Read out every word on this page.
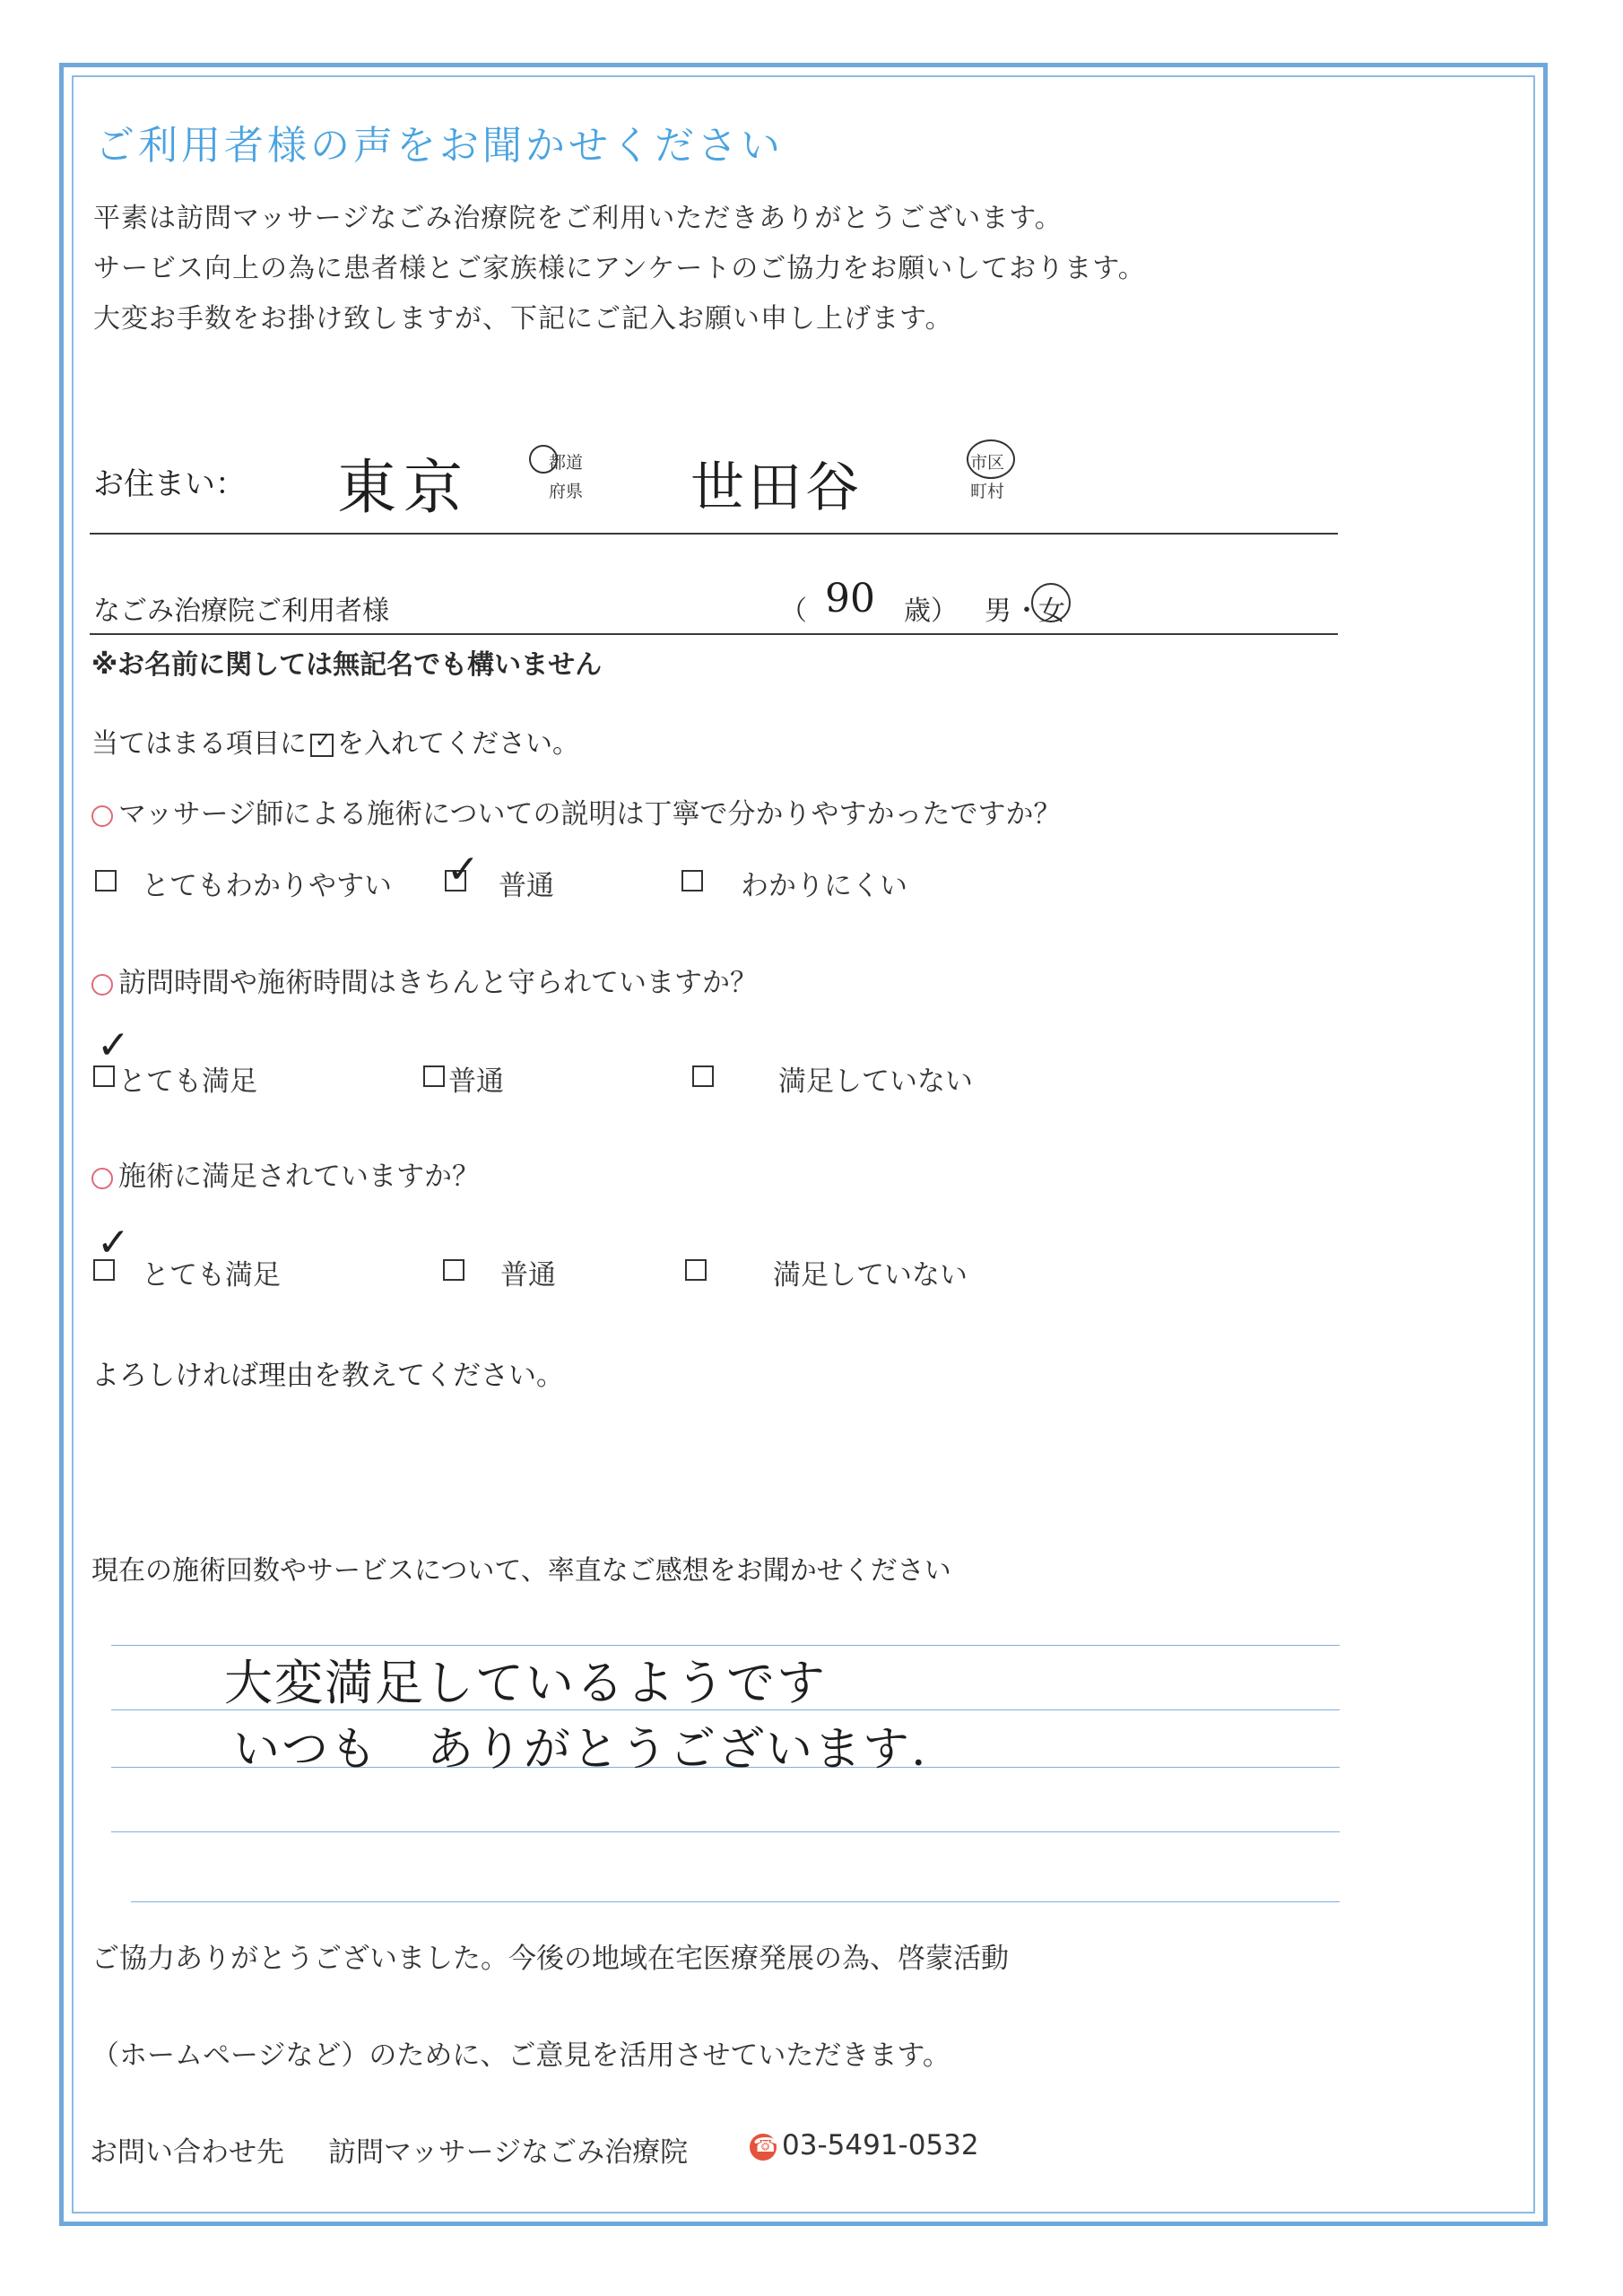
ご利用者様の声をお聞かせください
平素は訪問マッサージなごみ治療院をご利用いただきありがとうございます。
サービス向上の為に患者様とご家族様にアンケートのご協力をお願いしております。
大変お手数をお掛け致しますが、下記にご記入お願い申し上げます。
お住まい： 東京	都道
府県 世田谷	市区
町村
なごみ治療院ご利用者様	（ 90 歳） 男 ・
女
※お名前に関しては無記名でも構いません
当てはまる項目に ✓ を入れてください。
マッサージ師による施術についての説明は丁寧で分かりやすかったですか？
とてもわかりやすい ✓ 普通	わかりにくい
訪問時間や施術時間はきちんと守られていますか？
✓
とても満足	普通	満足していない
施術に満足されていますか？
✓
とても満足	普通	満足していない
よろしければ理由を教えてください。
現在の施術回数やサービスについて、率直なご感想をお聞かせください
大変満足しているようです
いつも　ありがとうございます.
ご協力ありがとうございました。今後の地域在宅医療発展の為、啓蒙活動
（ホームページなど）のために、ご意見を活用させていただきます。
お問い合わせ先 訪問マッサージなごみ治療院
☎	03-5491-0532
